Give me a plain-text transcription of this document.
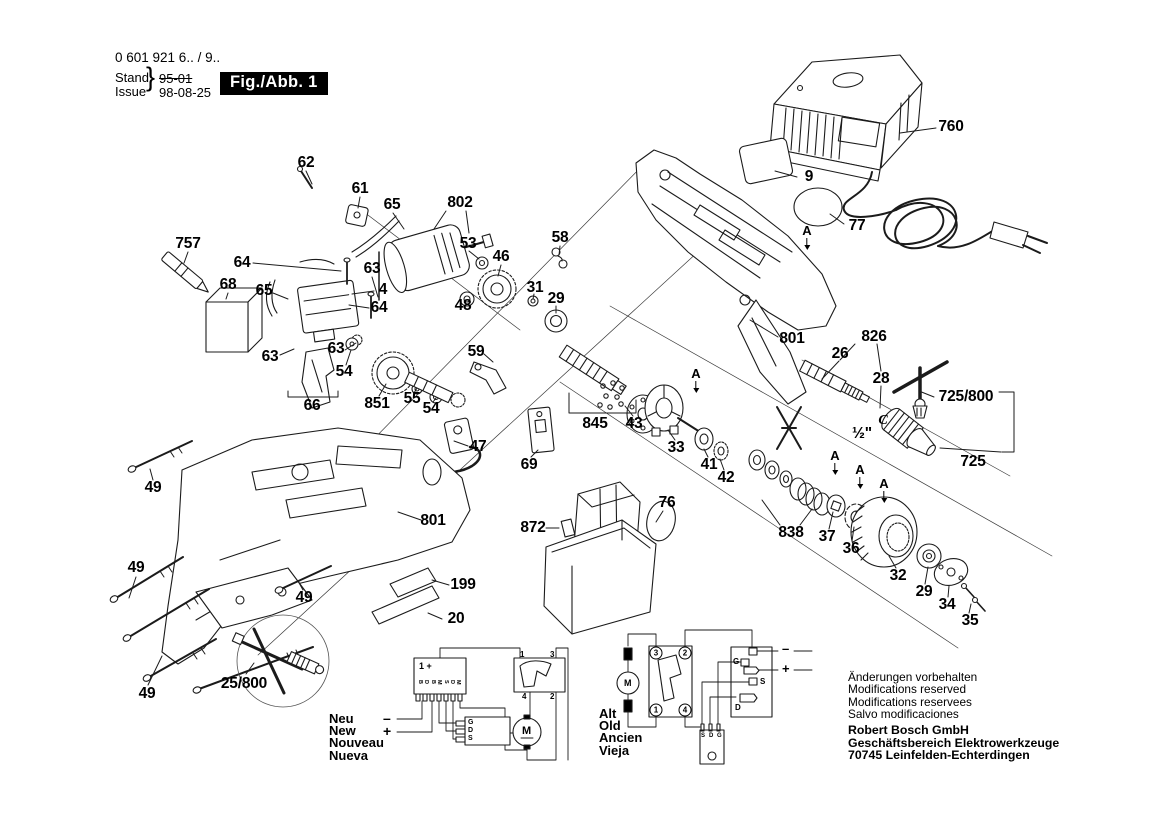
0 601 921 6.. / 9..
Stand
Issue } 95-01
98-08-25
Fig./Abb. 1
Änderungen vorbehalten
Modifications reserved
Modifications reservees
Salvo modificaciones
Robert Bosch GmbH
Geschäftsbereich Elektrowerkzeuge
70745 Leinfelden-Echterdingen
Neu
New
Nouveau
Nueva
–
+
Alt
Old
Ancien
Vieja
1 +
B D B M S D M
G
D
S
M
1	3
4	2
M
3	2
1	4
G
S
D
–
+
S D G
62
61
65	802
53
757	58
46
64
68 65
63
4
64	48
31
29
9
760
77
801	826
26
28
725/800
½"
725
63	63
54
66	851 55
54
59
845 43
33
41
42
47
69
49
801
76
872	838 37
36
32
29
34
35
49
199
49
20
49
25/800
A
A
A
A
A
C
